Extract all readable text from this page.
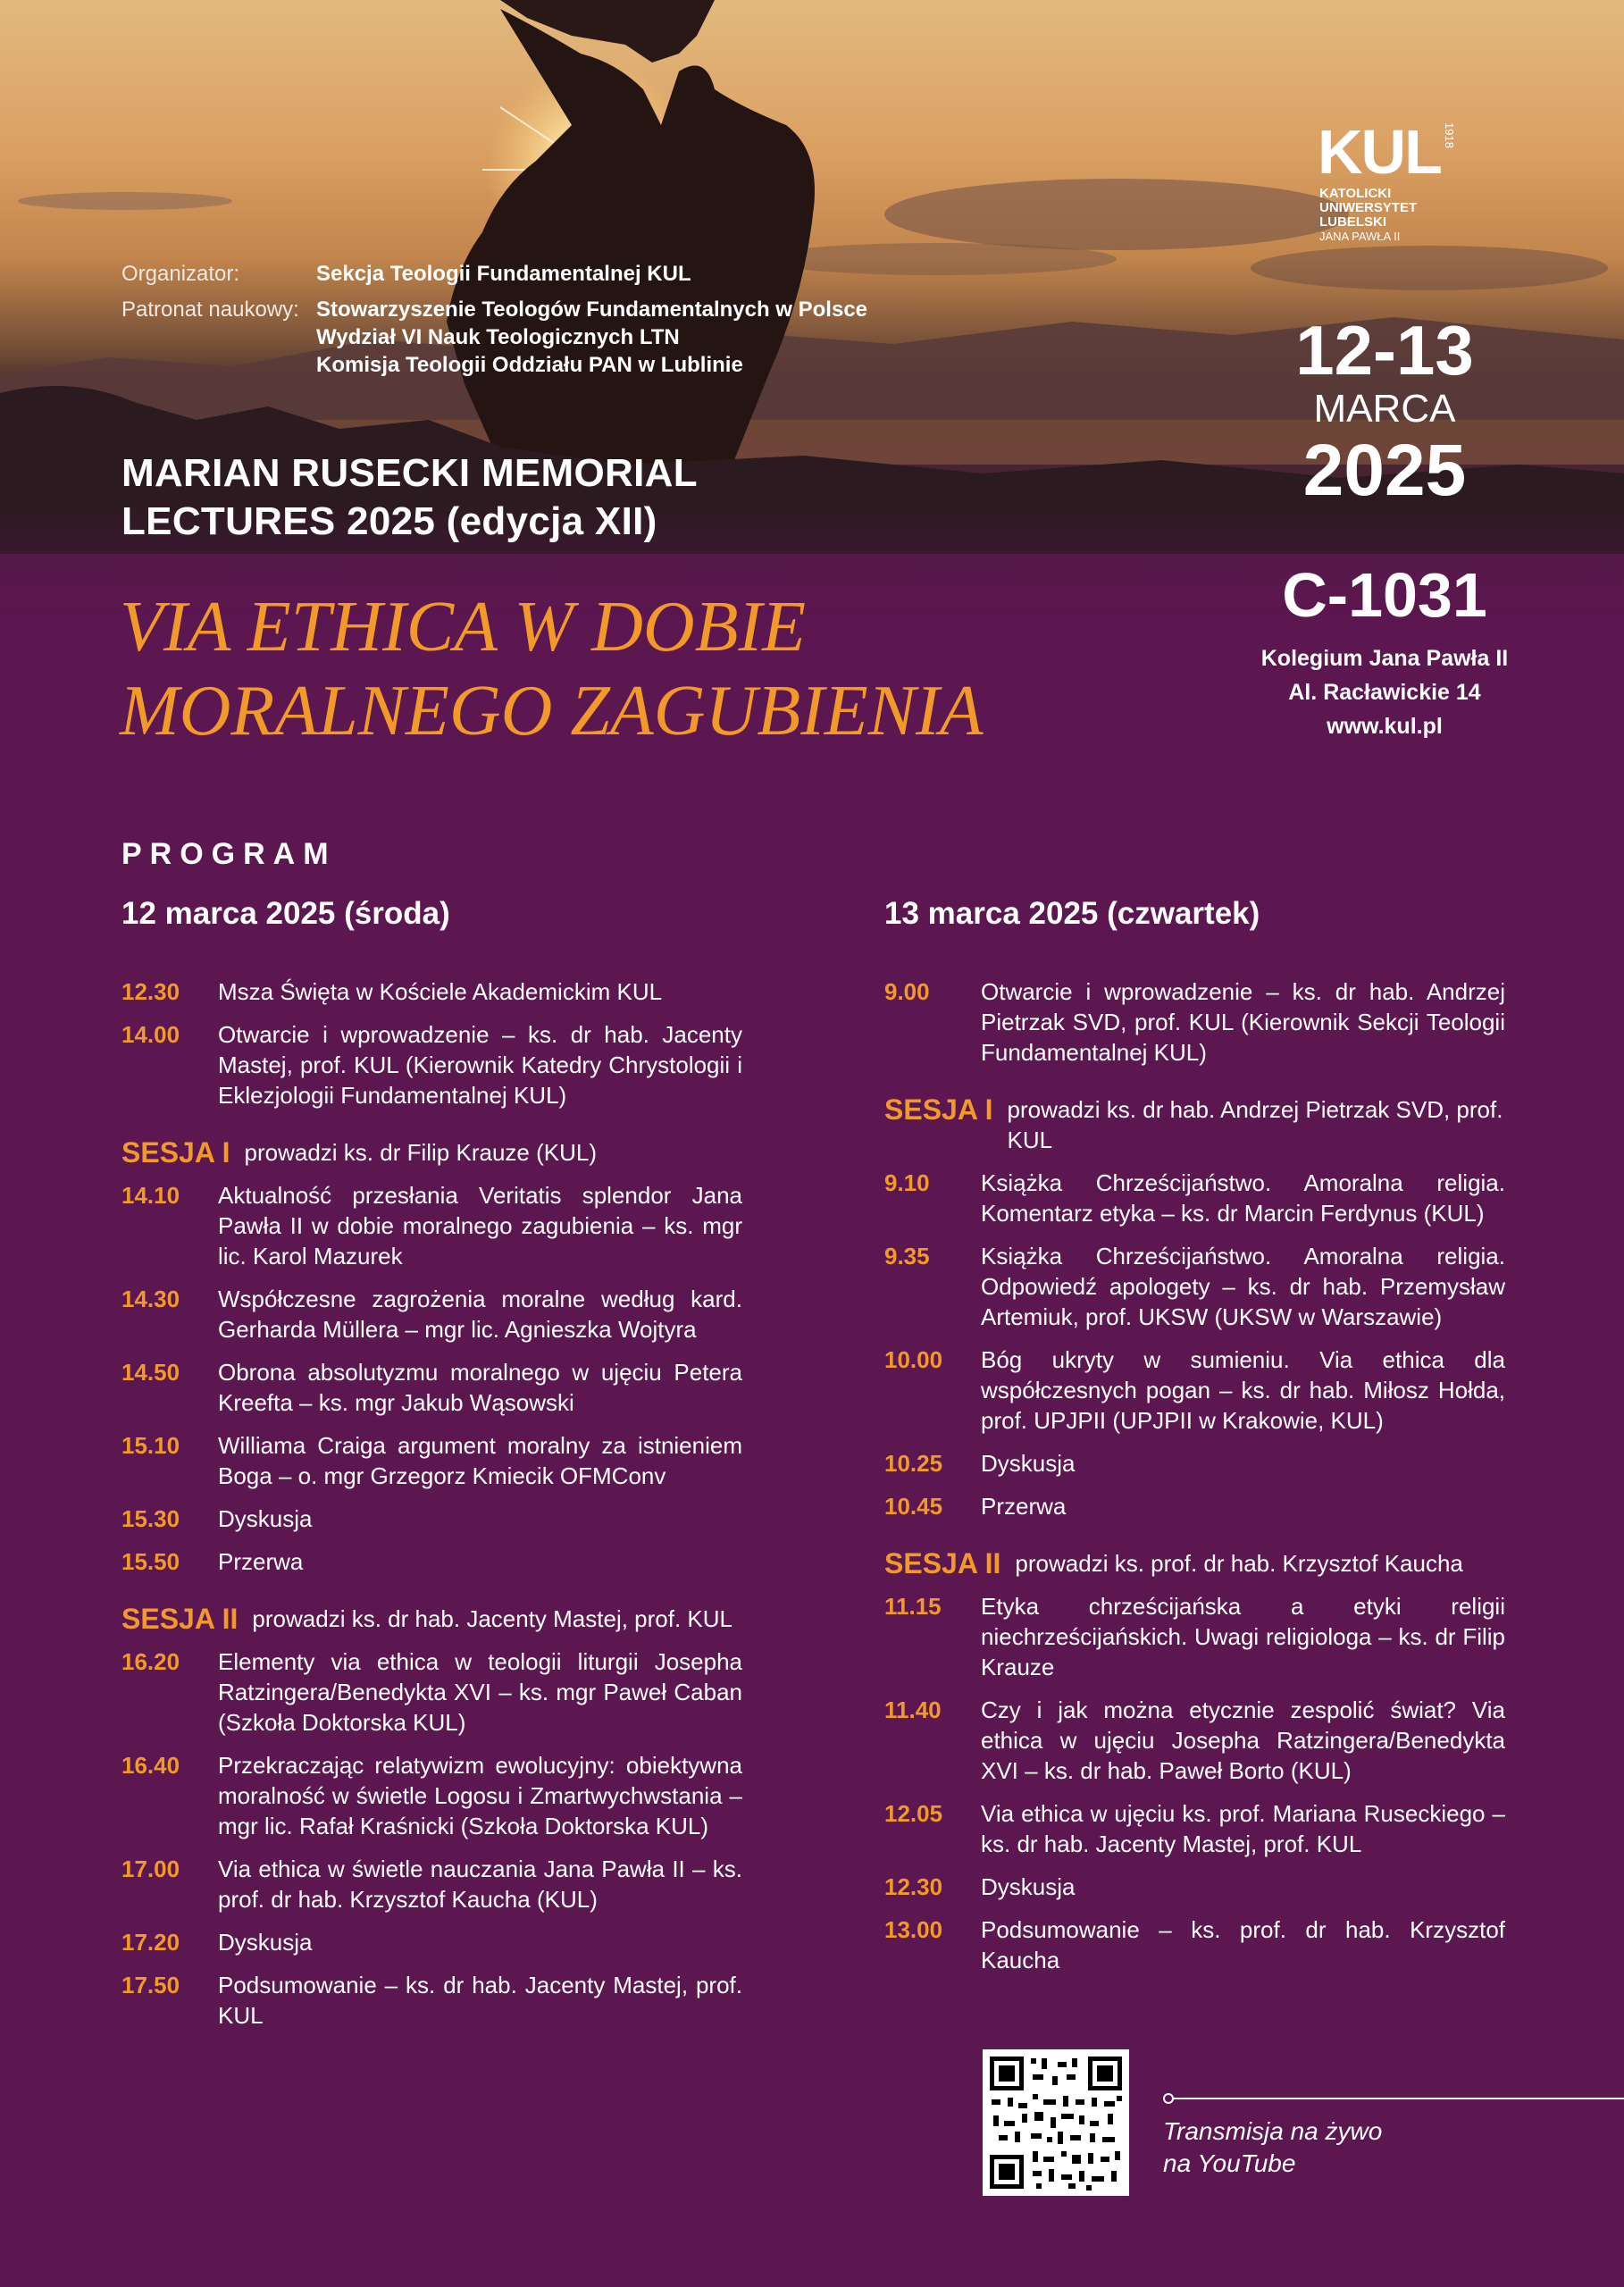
KUL 1918
KATOLICKI
UNIWERSYTET
LUBELSKI
JANA PAWŁA II
Organizator:	Sekcja Teologii Fundamentalnej KUL
Patronat naukowy: Stowarzyszenie Teologów Fundamentalnych w Polsce
Wydział VI Nauk Teologicznych LTN
Komisja Teologii Oddziału PAN w Lublinie
MARIAN RUSECKI MEMORIAL
LECTURES 2025 (edycja XII)
VIA ETHICA W DOBIE
MORALNEGO ZAGUBIENIA
12-13
MARCA
2025
C-1031
Kolegium Jana Pawła II
Al. Racławickie 14
www.kul.pl
PROGRAM
12 marca 2025 (środa)
12.30	Msza Święta w Kościele Akademickim KUL
14.00	Otwarcie i wprowadzenie – ks. dr hab. Jacenty Mastej, prof. KUL (Kierownik Katedry Chrystologii i Eklezjologii Fundamentalnej KUL)
SESJA I prowadzi ks. dr Filip Krauze (KUL)
14.10	Aktualność przesłania Veritatis splendor Jana Pawła II w dobie moralnego zagubienia – ks. mgr lic. Karol Mazurek
14.30	Współczesne zagrożenia moralne według kard. Gerharda Müllera – mgr lic. Agnieszka Wojtyra
14.50	Obrona absolutyzmu moralnego w ujęciu Petera Kreefta – ks. mgr Jakub Wąsowski
15.10	Williama Craiga argument moralny za istnieniem Boga – o. mgr Grzegorz Kmiecik OFMConv
15.30	Dyskusja
15.50	Przerwa
SESJA II prowadzi ks. dr hab. Jacenty Mastej, prof. KUL
16.20	Elementy via ethica w teologii liturgii Josepha Ratzingera/Benedykta XVI – ks. mgr Paweł Caban (Szkoła Doktorska KUL)
16.40	Przekraczając relatywizm ewolucyjny: obiektywna moralność w świetle Logosu i Zmartwychwstania – mgr lic. Rafał Kraśnicki (Szkoła Doktorska KUL)
17.00	Via ethica w świetle nauczania Jana Pawła II – ks. prof. dr hab. Krzysztof Kaucha (KUL)
17.20	Dyskusja
17.50	Podsumowanie – ks. dr hab. Jacenty Mastej, prof. KUL
13 marca 2025 (czwartek)
9.00	Otwarcie i wprowadzenie – ks. dr hab. Andrzej Pietrzak SVD, prof. KUL (Kierownik Sekcji Teologii Fundamentalnej KUL)
SESJA I prowadzi ks. dr hab. Andrzej Pietrzak SVD, prof. KUL
9.10	Książka Chrześcijaństwo. Amoralna religia. Komentarz etyka – ks. dr Marcin Ferdynus (KUL)
9.35	Książka Chrześcijaństwo. Amoralna religia. Odpowiedź apologety – ks. dr hab. Przemysław Artemiuk, prof. UKSW (UKSW w Warszawie)
10.00	Bóg ukryty w sumieniu. Via ethica dla współczesnych pogan – ks. dr hab. Miłosz Hołda, prof. UPJPII (UPJPII w Krakowie, KUL)
10.25	Dyskusja
10.45	Przerwa
SESJA II prowadzi ks. prof. dr hab. Krzysztof Kaucha
11.15	Etyka chrześcijańska a etyki religii niechrześcijańskich. Uwagi religiologa – ks. dr Filip Krauze
11.40	Czy i jak można etycznie zespolić świat? Via ethica w ujęciu Josepha Ratzingera/Benedykta XVI – ks. dr hab. Paweł Borto (KUL)
12.05	Via ethica w ujęciu ks. prof. Mariana Ruseckiego – ks. dr hab. Jacenty Mastej, prof. KUL
12.30	Dyskusja
13.00	Podsumowanie – ks. prof. dr hab. Krzysztof Kaucha
Transmisja na żywo
na YouTube
